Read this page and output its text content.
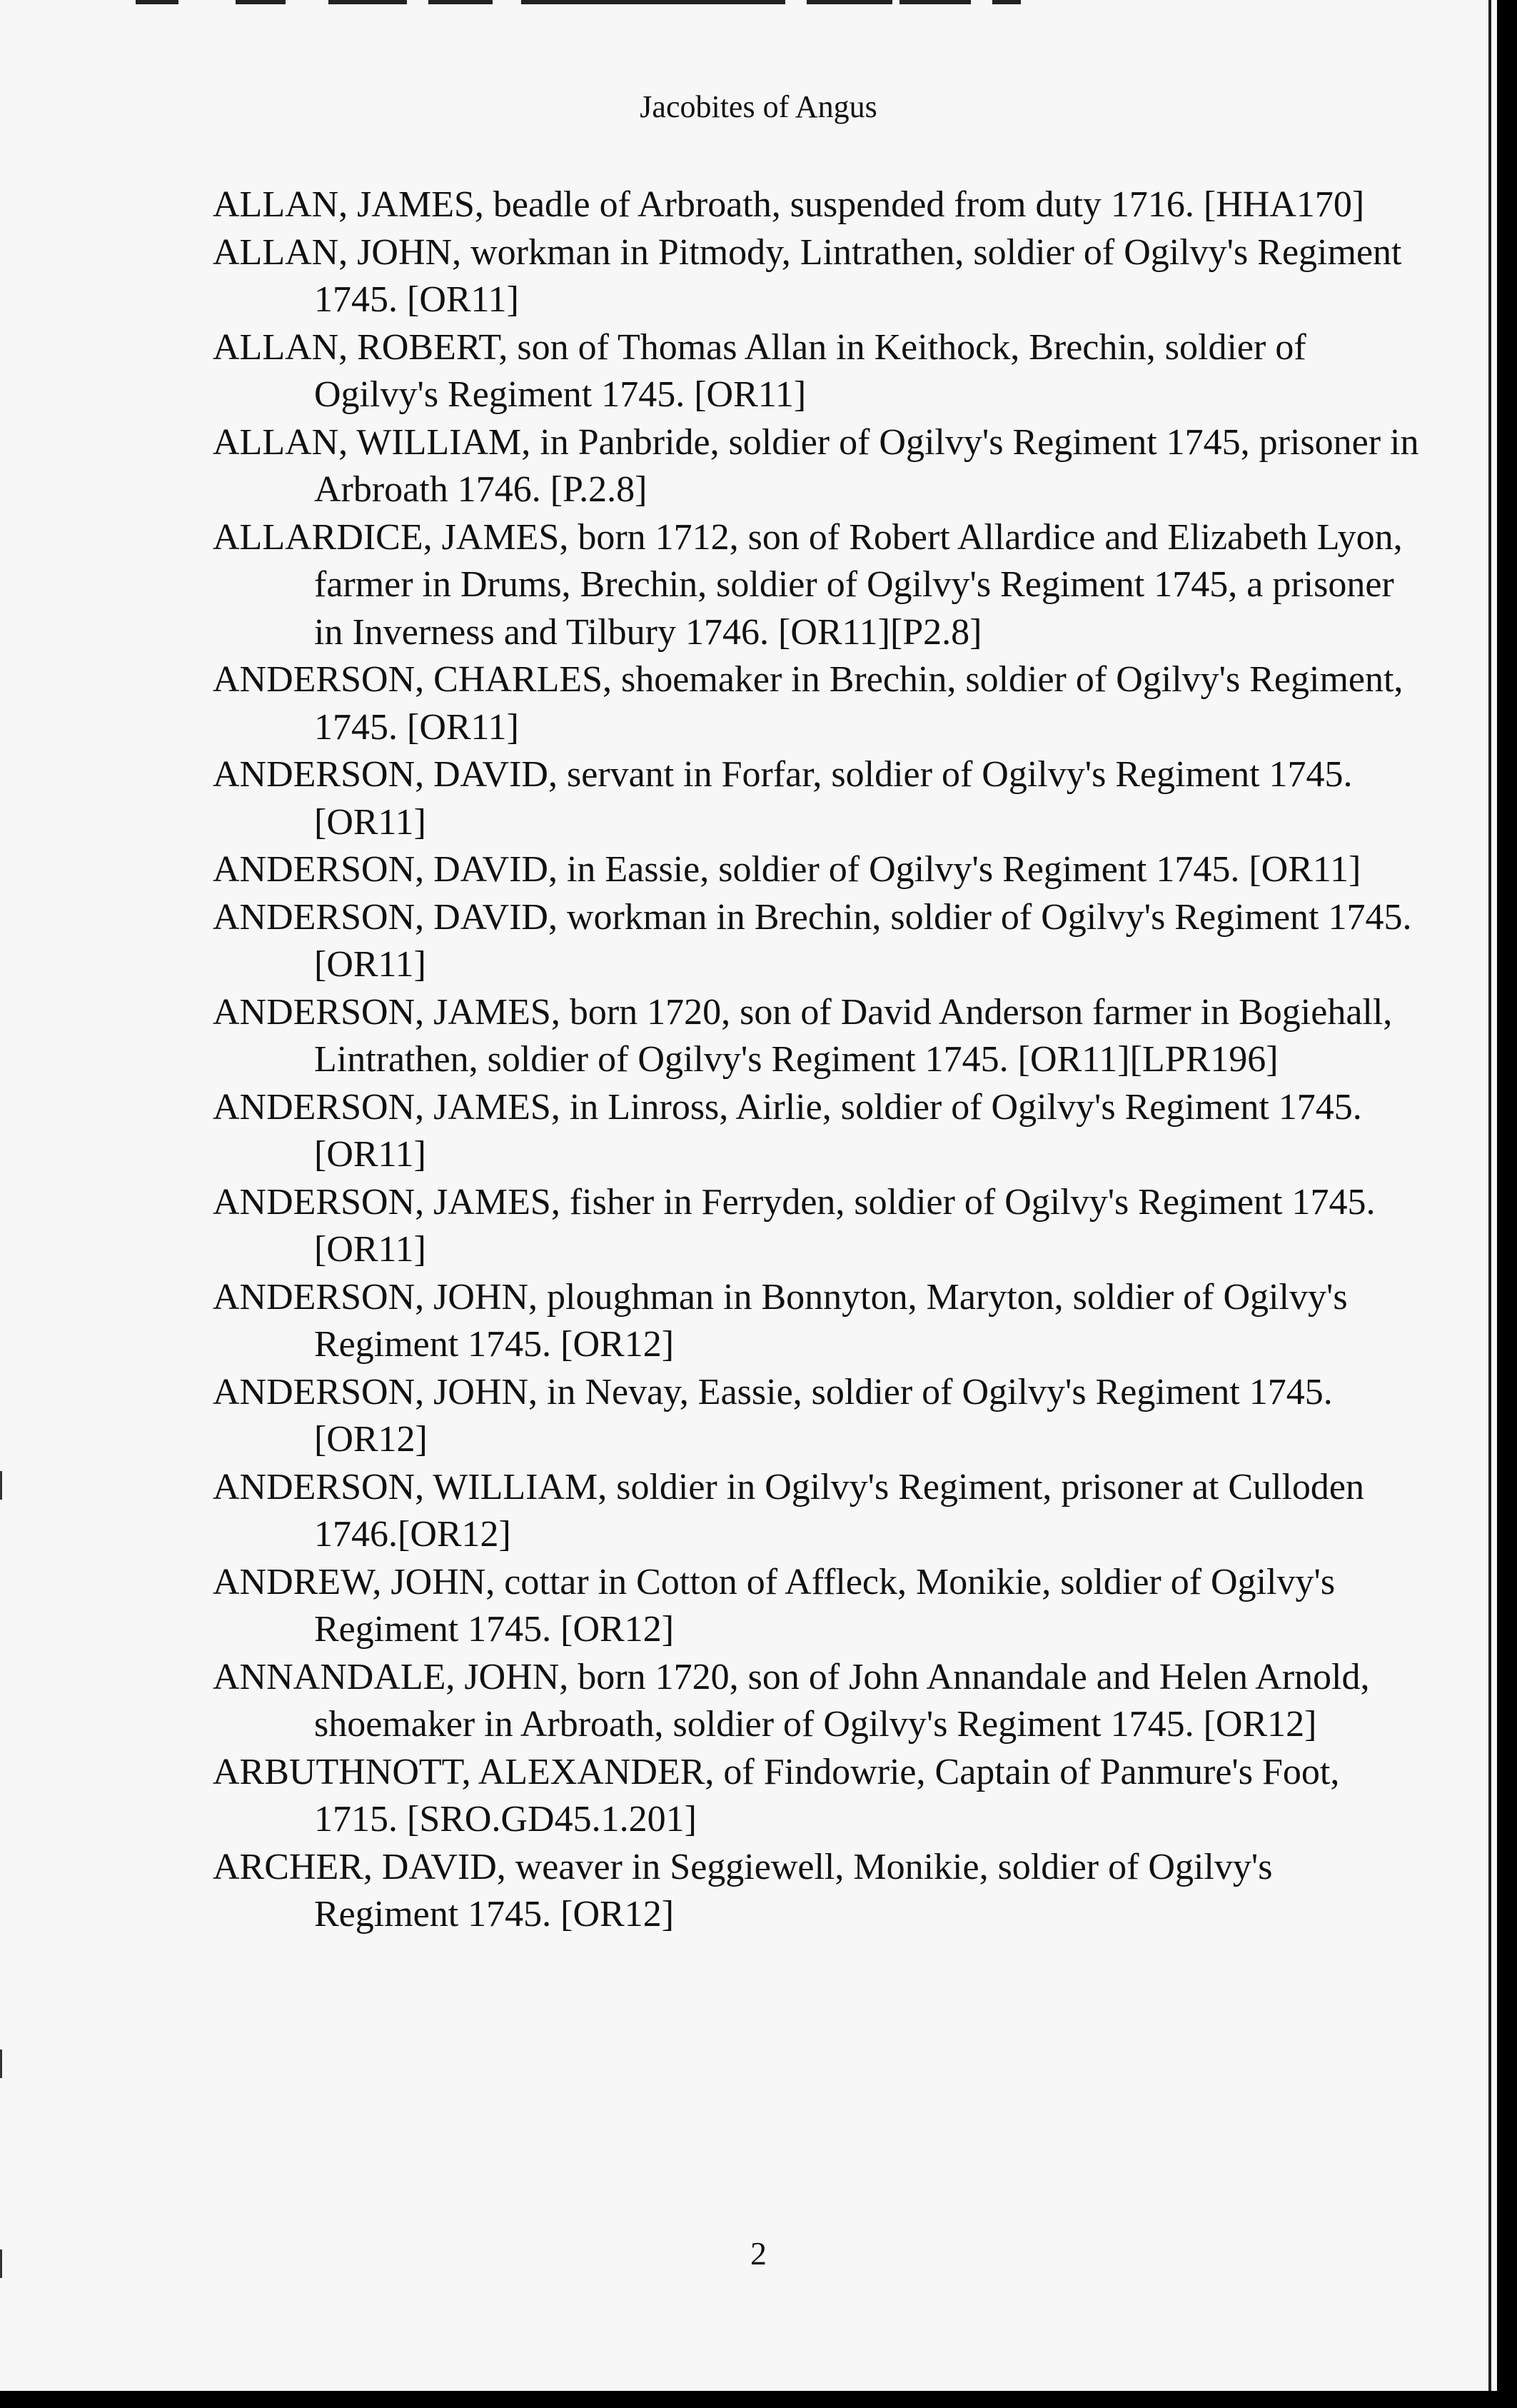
Jacobites of Angus

ALLAN, JAMES, beadle of Arbroath, suspended from duty 1716. [HHA170]

ALLAN, JOHN, workman in Pitmody, Lintrathen, soldier of Ogilvy's Regiment 1745. [OR11]

ALLAN, ROBERT, son of Thomas Allan in Keithock, Brechin, soldier of Ogilvy's Regiment 1745. [OR11]

ALLAN, WILLIAM, in Panbride, soldier of Ogilvy's Regiment 1745, prisoner in Arbroath 1746. [P.2.8]

ALLARDICE, JAMES, born 1712, son of Robert Allardice and Elizabeth Lyon, farmer in Drums, Brechin, soldier of Ogilvy's Regiment 1745, a prisoner in Inverness and Tilbury 1746. [OR11][P2.8]

ANDERSON, CHARLES, shoemaker in Brechin, soldier of Ogilvy's Regiment, 1745. [OR11]

ANDERSON, DAVID, servant in Forfar, soldier of Ogilvy's Regiment 1745. [OR11]

ANDERSON, DAVID, in Eassie, soldier of Ogilvy's Regiment 1745. [OR11]

ANDERSON, DAVID, workman in Brechin, soldier of Ogilvy's Regiment 1745. [OR11]

ANDERSON, JAMES, born 1720, son of David Anderson farmer in Bogiehall, Lintrathen, soldier of Ogilvy's Regiment 1745. [OR11][LPR196]

ANDERSON, JAMES, in Linross, Airlie, soldier of Ogilvy's Regiment 1745. [OR11]

ANDERSON, JAMES, fisher in Ferryden, soldier of Ogilvy's Regiment 1745. [OR11]

ANDERSON, JOHN, ploughman in Bonnyton, Maryton, soldier of Ogilvy's Regiment 1745. [OR12]

ANDERSON, JOHN, in Nevay, Eassie, soldier of Ogilvy's Regiment 1745. [OR12]

ANDERSON, WILLIAM, soldier in Ogilvy's Regiment, prisoner at Culloden 1746.[OR12]

ANDREW, JOHN, cottar in Cotton of Affleck, Monikie, soldier of Ogilvy's Regiment 1745. [OR12]

ANNANDALE, JOHN, born 1720, son of John Annandale and Helen Arnold, shoemaker in Arbroath, soldier of Ogilvy's Regiment 1745. [OR12]

ARBUTHNOTT, ALEXANDER, of Findowrie, Captain of Panmure's Foot, 1715. [SRO.GD45.1.201]

ARCHER, DAVID, weaver in Seggiewell, Monikie, soldier of Ogilvy's Regiment 1745. [OR12]

2
